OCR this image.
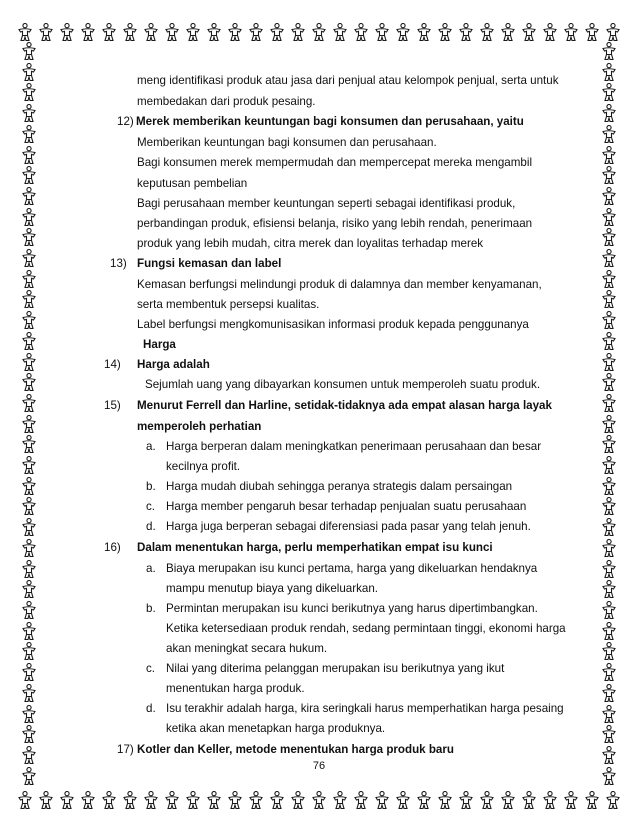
meng identifikasi produk atau jasa dari penjual atau kelompok penjual, serta untuk
membedakan dari produk pesaing.
12) Merek memberikan keuntungan bagi konsumen dan perusahaan, yaitu
Memberikan keuntungan bagi konsumen dan perusahaan.
Bagi konsumen merek mempermudah dan mempercepat mereka mengambil
keputusan pembelian
Bagi perusahaan member keuntungan seperti sebagai identifikasi produk,
perbandingan produk, efisiensi belanja, risiko yang lebih rendah, penerimaan
produk yang lebih mudah, citra merek dan loyalitas terhadap merek
13) Fungsi kemasan dan label
Kemasan berfungsi melindungi produk di dalamnya dan member kenyamanan,
serta membentuk persepsi kualitas.
Label berfungsi mengkomunisasikan informasi produk kepada penggunanya
Harga
14) Harga adalah
Sejumlah uang yang dibayarkan konsumen untuk memperoleh suatu produk.
15) Menurut Ferrell dan Harline, setidak-tidaknya ada empat alasan harga layak
memperoleh perhatian
a. Harga berperan dalam meningkatkan penerimaan perusahaan dan besar
kecilnya profit.
b. Harga mudah diubah sehingga peranya strategis dalam persaingan
c. Harga member pengaruh besar terhadap penjualan suatu perusahaan
d. Harga juga berperan sebagai diferensiasi pada pasar yang telah jenuh.
16) Dalam menentukan harga, perlu memperhatikan empat isu kunci
a. Biaya merupakan isu kunci pertama, harga yang dikeluarkan hendaknya
mampu menutup biaya yang dikeluarkan.
b. Permintan merupakan isu kunci berikutnya yang harus dipertimbangkan.
Ketika ketersediaan produk rendah, sedang permintaan tinggi, ekonomi harga
akan meningkat secara hukum.
c. Nilai yang diterima pelanggan merupakan isu berikutnya yang ikut
menentukan harga produk.
d. Isu terakhir adalah harga, kira seringkali harus memperhatikan harga pesaing
ketika akan menetapkan harga produknya.
17) Kotler dan Keller, metode menentukan harga produk baru
76
